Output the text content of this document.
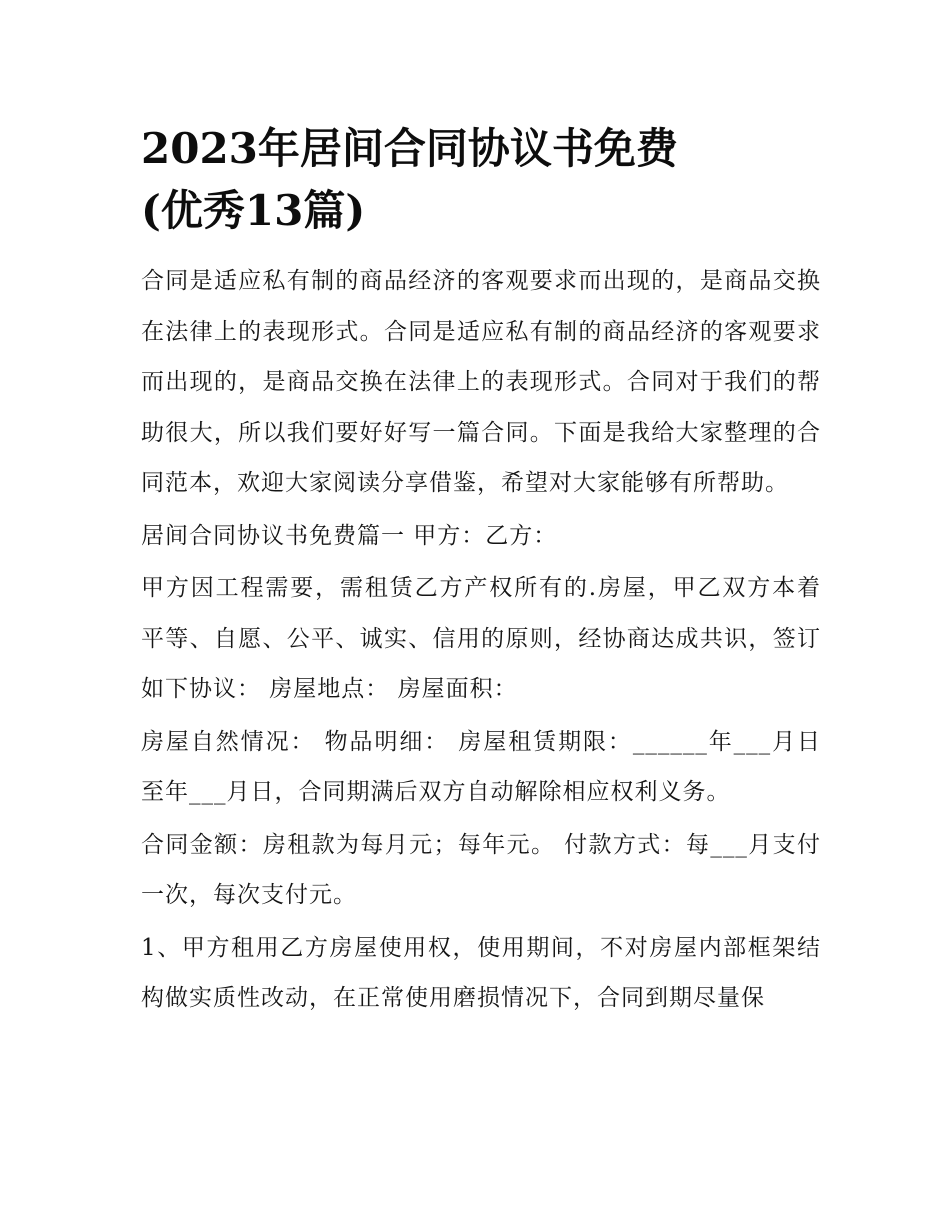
2023年居间合同协议书免费
(优秀13篇)

合同是适应私有制的商品经济的客观要求而出现的，是商品交换在法律上的表现形式。合同是适应私有制的商品经济的客观要求而出现的，是商品交换在法律上的表现形式。合同对于我们的帮助很大，所以我们要好好写一篇合同。下面是我给大家整理的合同范本，欢迎大家阅读分享借鉴，希望对大家能够有所帮助。

居间合同协议书免费篇一 甲方：乙方：

甲方因工程需要，需租赁乙方产权所有的.房屋，甲乙双方本着平等、自愿、公平、诚实、信用的原则，经协商达成共识，签订如下协议： 房屋地点： 房屋面积：

房屋自然情况： 物品明细： 房屋租赁期限：______年___月日至年___月日，合同期满后双方自动解除相应权利义务。

合同金额：房租款为每月元；每年元。 付款方式：每___月支付一次，每次支付元。

1、甲方租用乙方房屋使用权，使用期间，不对房屋内部框架结构做实质性改动，在正常使用磨损情况下，合同到期尽量保
